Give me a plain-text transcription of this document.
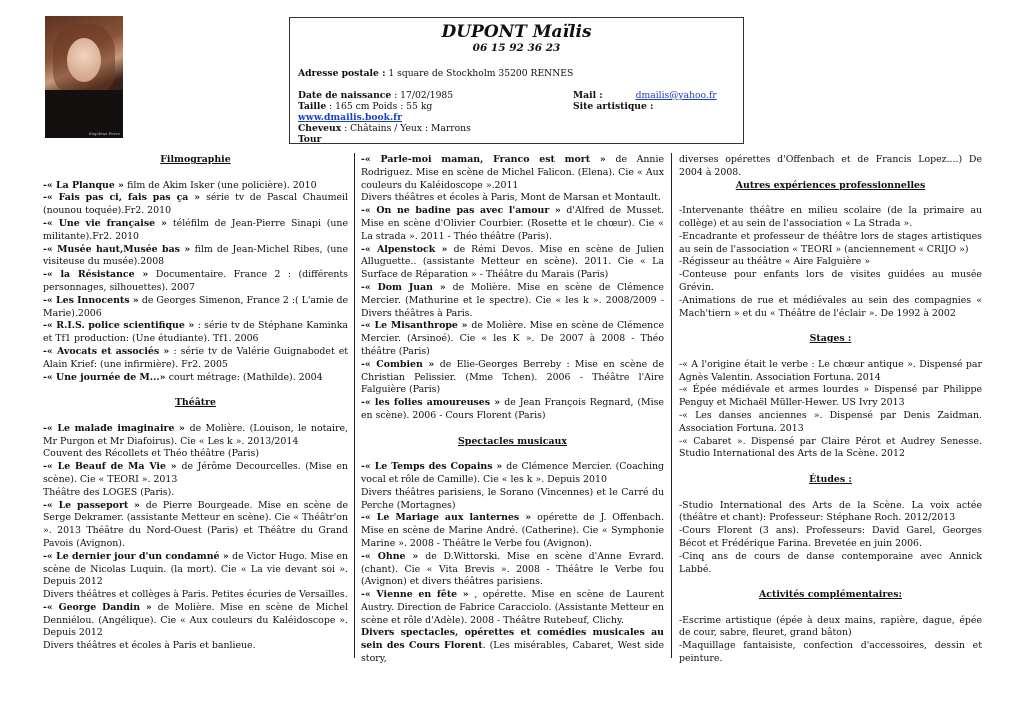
Ségolène Perez
DUPONT Maïlis
06 15 92 36 23
Adresse postale : 1 square de Stockholm 35200 RENNES
Date de naissance : 17/02/1985	Mail :	dmailis@yahoo.fr
Taille : 165 cm Poids : 55 kg	Site artistique :
www.dmailis.book.fr
Cheveux : Châtains / Yeux : Marrons
Tour

Filmographie

-« La Planque » film de Akim Isker (une policière). 2010

-« Fais pas ci, fais pas ça » série tv de Pascal Chaumeil (nounou toquée).Fr2. 2010

-« Une vie française » téléfilm de Jean-Pierre Sinapi (une militante).Fr2. 2010

-« Musée haut,Musée bas » film de Jean-Michel Ribes, (une visiteuse du musée).2008

-« la Résistance » Documentaire. France 2 : (différents personnages, silhouettes). 2007

-« Les Innocents » de Georges Simenon, France 2 :( L'amie de Marie).2006

-« R.I.S. police scientifique » : série tv de Stéphane Kaminka et Tf1 production: (Une étudiante). Tf1. 2006

-« Avocats et associés » : série tv de Valérie Guignabodet et Alain Krief: (une infirmière). Fr2. 2005

-« Une journée de M...» court métrage: (Mathilde). 2004

Théâtre

-« Le malade imaginaire » de Molière. (Louison, le notaire, Mr Purgon et Mr Diafoirus). Cie « Les k ». 2013/2014

Couvent des Récollets et Théo théâtre (Paris)

-« Le Beauf de Ma Vie » de Jérôme Decourcelles. (Mise en scène). Cie « TEORI ». 2013

Théâtre des LOGES (Paris).

-« Le passeport » de Pierre Bourgeade. Mise en scène de Serge Dekramer. (assistante Metteur en scène). Cie « Théâtr'on ». 2013 Théâtre du Nord-Ouest (Paris) et Théâtre du Grand Pavois (Avignon).

-« Le dernier jour d'un condamné » de Victor Hugo. Mise en scène de Nicolas Luquin. (la mort). Cie « La vie devant soi ». Depuis 2012

Divers théâtres et collèges à Paris. Petites écuries de Versailles.

-« George Dandin » de Molière. Mise en scène de Michel Denniélou. (Angélique). Cie « Aux couleurs du Kaléidoscope ». Depuis 2012

Divers théâtres et écoles à Paris et banlieue.

-« Parle-moi maman, Franco est mort » de Annie Rodriguez. Mise en scène de Michel Falicon. (Elena). Cie « Aux couleurs du Kaléidoscope ».2011

Divers théâtres et écoles à Paris, Mont de Marsan et Montault.

-« On ne badine pas avec l'amour » d'Alfred de Musset. Mise en scène d'Olivier Courbier. (Rosette et le chœur). Cie « La strada ». 2011 - Théo théâtre (Paris).

-« Alpenstock » de Rémi Devos. Mise en scène de Julien Alluguette.. (assistante Metteur en scène). 2011. Cie « La Surface de Réparation » - Théâtre du Marais (Paris)

-« Dom Juan » de Molière. Mise en scène de Clémence Mercier. (Mathurine et le spectre). Cie « les k ». 2008/2009 - Divers théâtres à Paris.

-« Le Misanthrope » de Molière. Mise en scène de Clémence Mercier. (Arsinoé). Cie « les K ». De 2007 à 2008 - Théo théâtre (Paris)

-« Combien » de Elie-Georges Berreby : Mise en scène de Christian Pelissier. (Mme Tchen). 2006 - Théâtre l'Aire Falguière (Paris)

-« les folies amoureuses » de Jean François Regnard, (Mise en scène). 2006 - Cours Florent (Paris)

Spectacles musicaux

-« Le Temps des Copains » de Clémence Mercier. (Coaching vocal et rôle de Camille). Cie « les k ». Depuis 2010

Divers théâtres parisiens, le Sorano (Vincennes) et le Carré du Perche (Mortagnes)

-« Le Mariage aux lanternes » opérette de J. Offenbach. Mise en scène de Marine André. (Catherine). Cie « Symphonie Marine ». 2008 - Théâtre le Verbe fou (Avignon).

-« Ohne » de D.Wittorski. Mise en scène d'Anne Evrard. (chant). Cie « Vita Brevis ». 2008 - Théâtre le Verbe fou (Avignon) et divers théâtres parisiens.

-« Vienne en fête » , opérette. Mise en scène de Laurent Austry. Direction de Fabrice Caracciolo. (Assistante Metteur en scène et rôle d'Adèle). 2008 - Théâtre Rutebeuf, Clichy.

Divers spectacles, opérettes et comédies musicales au sein des Cours Florent. (Les misérables, Cabaret, West side story,

diverses opérettes d'Offenbach et de Francis Lopez....) De 2004 à 2008.

Autres expériences professionnelles

-Intervenante théâtre en milieu scolaire (de la primaire au collège) et au sein de l'association « La Strada ».

-Encadrante et professeur de théâtre lors de stages artistiques au sein de l'association « TEORI » (anciennement « CRIJO »)

-Régisseur au théâtre « Aire Falguière »

-Conteuse pour enfants lors de visites guidées au musée Grévin.

-Animations de rue et médiévales au sein des compagnies « Mach'tiern » et du « Théâtre de l'éclair ». De 1992 à 2002

Stages :

-« A l'origine était le verbe : Le chœur antique ». Dispensé par Agnès Valentin. Association Fortuna. 2014

-« Épée médiévale et armes lourdes » Dispensé par Philippe Penguy et Michaël Müller-Hewer. US Ivry 2013

-« Les danses anciennes ». Dispensé par Denis Zaidman. Association Fortuna. 2013

-« Cabaret ». Dispensé par Claire Pérot et Audrey Senesse. Studio International des Arts de la Scène. 2012

Études :

-Studio International des Arts de la Scène. La voix actée (théâtre et chant): Professeur: Stéphane Roch. 2012/2013

-Cours Florent (3 ans). Professeurs: David Garel, Georges Bécot et Frédérique Farina. Brevetée en juin 2006.

-Cinq ans de cours de danse contemporaine avec Annick Labbé.

Activités complémentaires:

-Escrime artistique (épée à deux mains, rapière, dague, épée de cour, sabre, fleuret, grand bâton)

-Maquillage fantaisiste, confection d'accessoires, dessin et peinture.
